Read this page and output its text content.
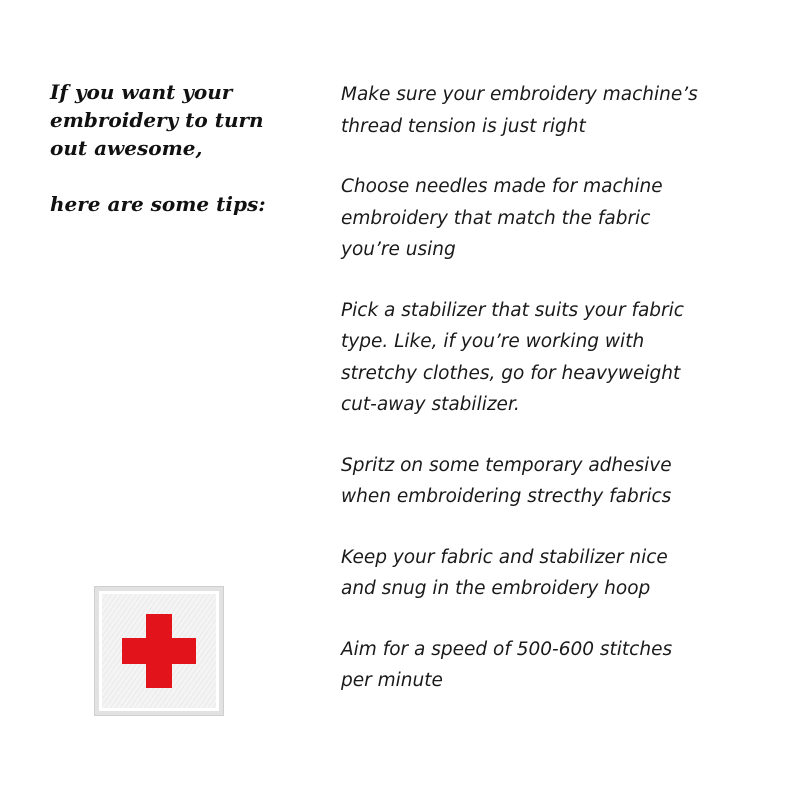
If you want your
embroidery to turn
out awesome,
here are some tips:
Make sure your embroidery machine’s
thread tension is just right
Choose needles made for machine
embroidery that match the fabric
you’re using
Pick a stabilizer that suits your fabric
type. Like, if you’re working with
stretchy clothes, go for heavyweight
cut-away stabilizer.
Spritz on some temporary adhesive
when embroidering strecthy fabrics
Keep your fabric and stabilizer nice
and snug in the embroidery hoop
Aim for a speed of 500-600 stitches
per minute
